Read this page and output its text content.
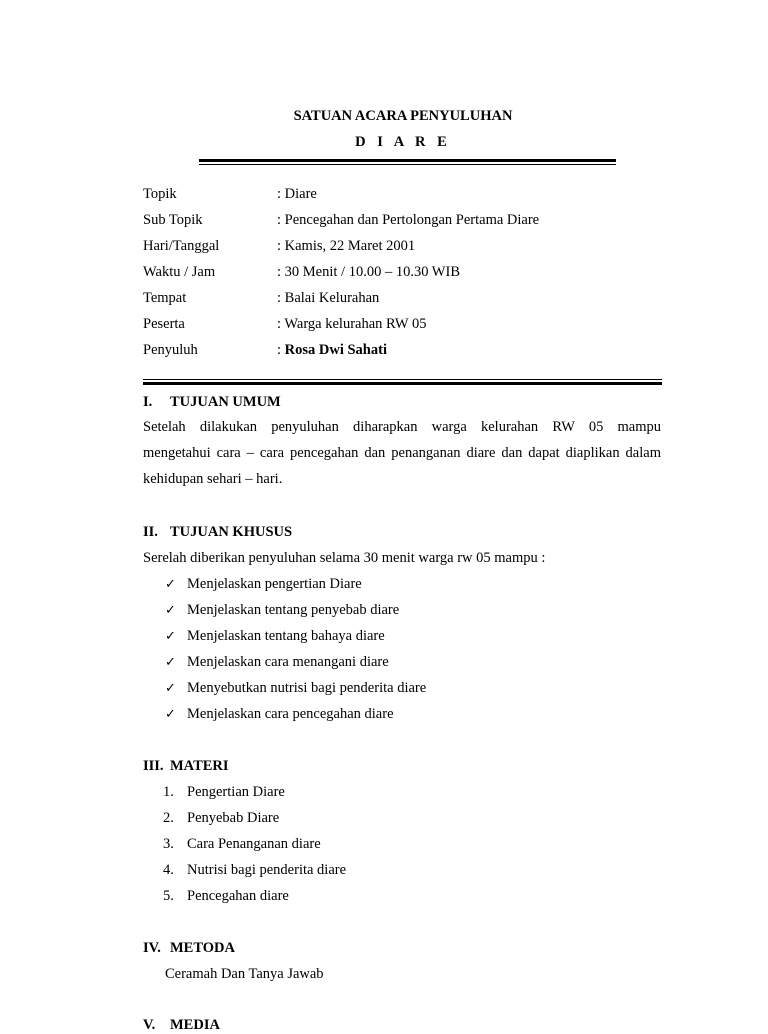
SATUAN ACARA PENYULUHAN
D I A R E
Topik	: Diare
Sub Topik	: Pencegahan dan Pertolongan Pertama Diare
Hari/Tanggal	: Kamis, 22 Maret 2001
Waktu / Jam	: 30 Menit / 10.00 – 10.30 WIB
Tempat	: Balai Kelurahan
Peserta	: Warga kelurahan RW 05
Penyuluh	: Rosa Dwi Sahati
I. TUJUAN UMUM
Setelah dilakukan penyuluhan diharapkan warga kelurahan RW 05 mampu
mengetahui cara – cara pencegahan dan penanganan diare dan dapat diaplikan dalam
kehidupan sehari – hari.
II. TUJUAN KHUSUS
Serelah diberikan penyuluhan selama 30 menit warga rw 05 mampu :
✓ Menjelaskan pengertian Diare
✓ Menjelaskan tentang penyebab diare
✓ Menjelaskan tentang bahaya diare
✓ Menjelaskan cara menangani diare
✓ Menyebutkan nutrisi bagi penderita diare
✓ Menjelaskan cara pencegahan diare
III. MATERI
1. Pengertian Diare
2. Penyebab Diare
3. Cara Penanganan diare
4. Nutrisi bagi penderita diare
5. Pencegahan diare
IV. METODA
Ceramah Dan Tanya Jawab
V. MEDIA
